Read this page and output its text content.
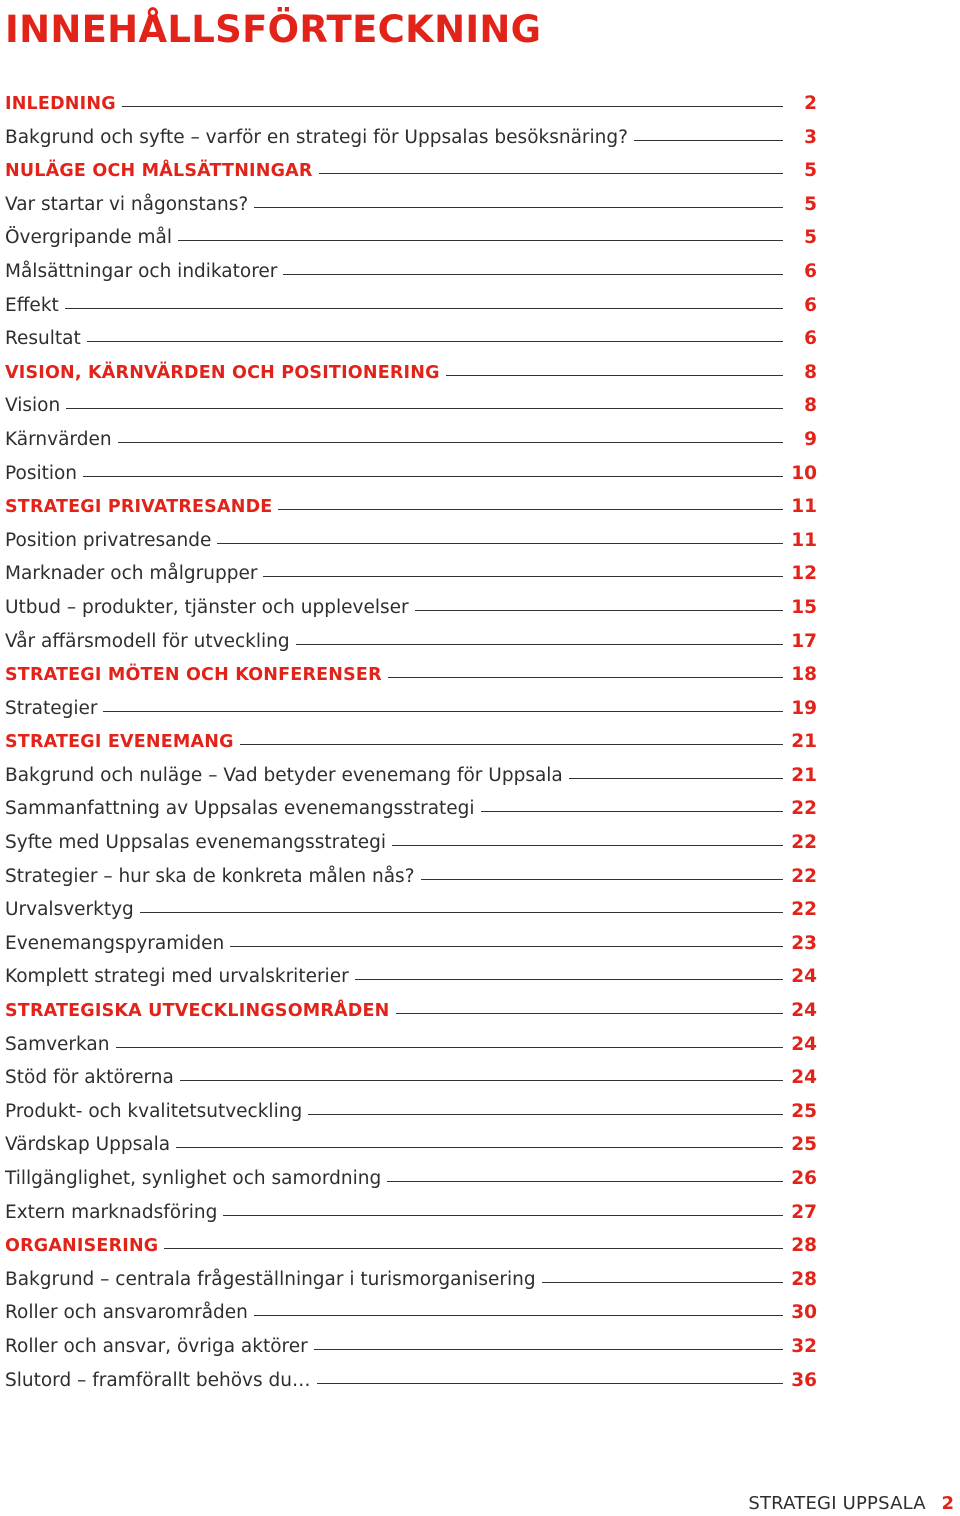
INNEHÅLLSFÖRTECKNING
INLEDNING	2
Bakgrund och syfte – varför en strategi för Uppsalas besöksnäring?	3
NULÄGE OCH MÅLSÄTTNINGAR	5
Var startar vi någonstans?	5
Övergripande mål	5
Målsättningar och indikatorer	6
Effekt	6
Resultat	6
VISION, KÄRNVÄRDEN OCH POSITIONERING	8
Vision	8
Kärnvärden	9
Position	10
STRATEGI PRIVATRESANDE	11
Position privatresande	11
Marknader och målgrupper	12
Utbud – produkter, tjänster och upplevelser	15
Vår affärsmodell för utveckling	17
STRATEGI MÖTEN OCH KONFERENSER	18
Strategier	19
STRATEGI EVENEMANG	21
Bakgrund och nuläge – Vad betyder evenemang för Uppsala	21
Sammanfattning av Uppsalas evenemangsstrategi	22
Syfte med Uppsalas evenemangsstrategi	22
Strategier – hur ska de konkreta målen nås?	22
Urvalsverktyg	22
Evenemangspyramiden	23
Komplett strategi med urvalskriterier	24
STRATEGISKA UTVECKLINGSOMRÅDEN	24
Samverkan	24
Stöd för aktörerna	24
Produkt- och kvalitetsutveckling	25
Värdskap Uppsala	25
Tillgänglighet, synlighet och samordning	26
Extern marknadsföring	27
ORGANISERING	28
Bakgrund – centrala frågeställningar i turismorganisering	28
Roller och ansvarområden	30
Roller och ansvar, övriga aktörer	32
Slutord – framförallt behövs du…	36
STRATEGI UPPSALA 2
